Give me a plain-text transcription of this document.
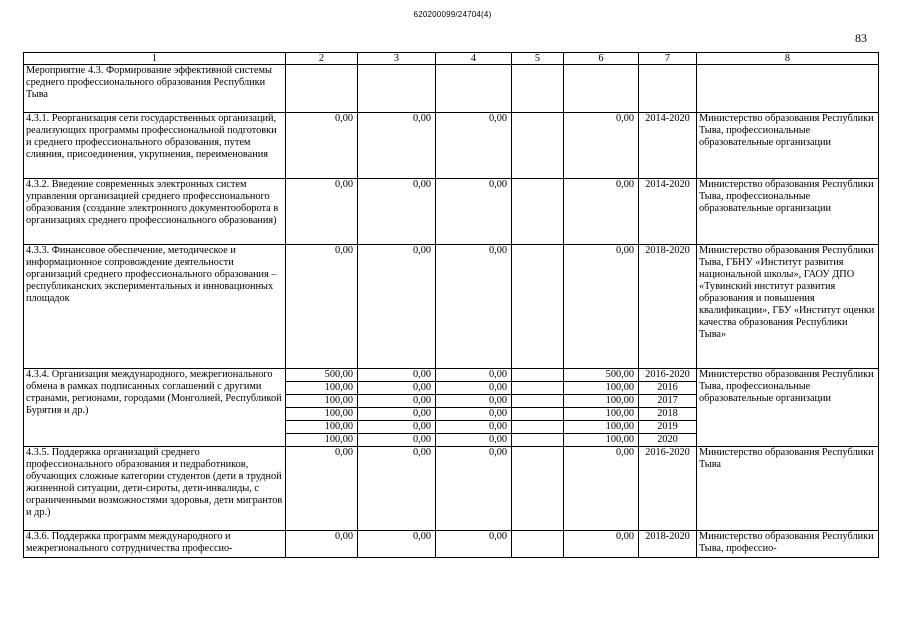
620200099/24704(4)
83
1	2	3	4	5	6	7	8
Мероприятие 4.3. Формирование эффективной системы среднего профессионального образования Республики Тыва							
4.3.1. Реорганизация сети государственных организаций, реализующих программы профессиональной подготовки и среднего профессионального образования, путем слияния, присоединения, укрупнения, переименования	0,00	0,00	0,00		0,00	2014-2020	Министерство образования Республики Тыва, профессиональные образовательные организации
4.3.2. Введение современных электронных систем управления организацией среднего профессионального образования (создание электронного документооборота в организациях среднего профессионального образования)	0,00	0,00	0,00		0,00	2014-2020	Министерство образования Республики Тыва, профессиональные образовательные организации
4.3.3. Финансовое обеспечение, методическое и информационное сопровождение деятельности организаций среднего профессионального образования – республиканских экспериментальных и инновационных площадок	0,00	0,00	0,00		0,00	2018-2020	Министерство образования Республики Тыва, ГБНУ «Институт развития национальной школы», ГАОУ ДПО «Тувинский институт развития образования и повышения квалификации», ГБУ «Институт оценки качества образования Республики Тыва»
4.3.4. Организация международного, межрегионального обмена в рамках подписанных соглашений с другими странами, регионами, городами (Монголией, Республикой Бурятия и др.)	500,00	0,00	0,00		500,00	2016-2020	Министерство образования Республики Тыва, профессиональные образовательные организации
	100,00	0,00	0,00		100,00	2016	
	100,00	0,00	0,00		100,00	2017	
	100,00	0,00	0,00		100,00	2018	
	100,00	0,00	0,00		100,00	2019	
	100,00	0,00	0,00		100,00	2020	
4.3.5. Поддержка организаций среднего профессионального образования и педработников, обучающих сложные категории студентов (дети в трудной жизненной ситуации, дети-сироты, дети-инвалиды, с ограниченными возможностями здоровья, дети мигрантов и др.)	0,00	0,00	0,00		0,00	2016-2020	Министерство образования Республики Тыва
4.3.6. Поддержка программ международного и межрегионального сотрудничества профессио-	0,00	0,00	0,00		0,00	2018-2020	Министерство образования Республики Тыва, профессио-
